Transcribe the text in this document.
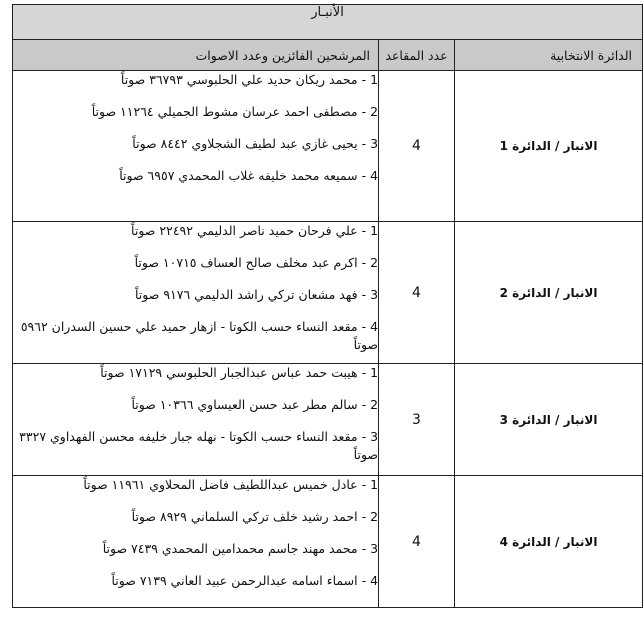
الأنبـار		
الدائرة الانتخابية	عدد المقاعد	المرشحين الفائزين وعدد الاصوات
الانبار / الدائرة 1	4	1 - محمد ريكان حديد علي الحلبوسي ٣٦٧٩٣ صوتاً
2 - مصطفى احمد عرسان مشوط الجميلي ١١٢٦٤ صوتاً
3 - يحيى غازي عبد لطيف الشجلاوي ٨٤٤٢ صوتاً
4 - سميعه محمد خليفه غلاب المحمدي ٦٩٥٧ صوتاً

الانبار / الدائرة 2	4	1 - علي فرحان حميد ناصر الدليمي ٢٢٤٩٢ صوتاً
2 - اكرم عبد مخلف صالح العساف ١٠٧١٥ صوتاً
3 - فهد مشعان تركي راشد الدليمي ٩١٧٦ صوتاً
4 - مقعد النساء حسب الكوتا - ازهار حميد علي حسين السدران ٥٩٦٢ صوتاً

الانبار / الدائرة 3	3	1 - هيبت حمد عباس عبدالجبار الحلبوسي ١٧١٢٩ صوتاً
2 - سالم مطر عبد حسن العيساوي ١٠٣٦٦ صوتاً
3 - مقعد النساء حسب الكوتا - نهله جبار خليفه محسن الفهداوي ٣٣٢٧ صوتاً

الانبار / الدائرة 4	4	1 - عادل خميس عبداللطيف فاضل المحلاوي ١١٩٦١ صوتاً
2 - احمد رشيد خلف تركي السلماني ٨٩٢٩ صوتاً
3 - محمد مهند جاسم محمدامين المحمدي ٧٤٣٩ صوتاً
4 - اسماء اسامه عبدالرحمن عبيد العاني ٧١٣٩ صوتاً
